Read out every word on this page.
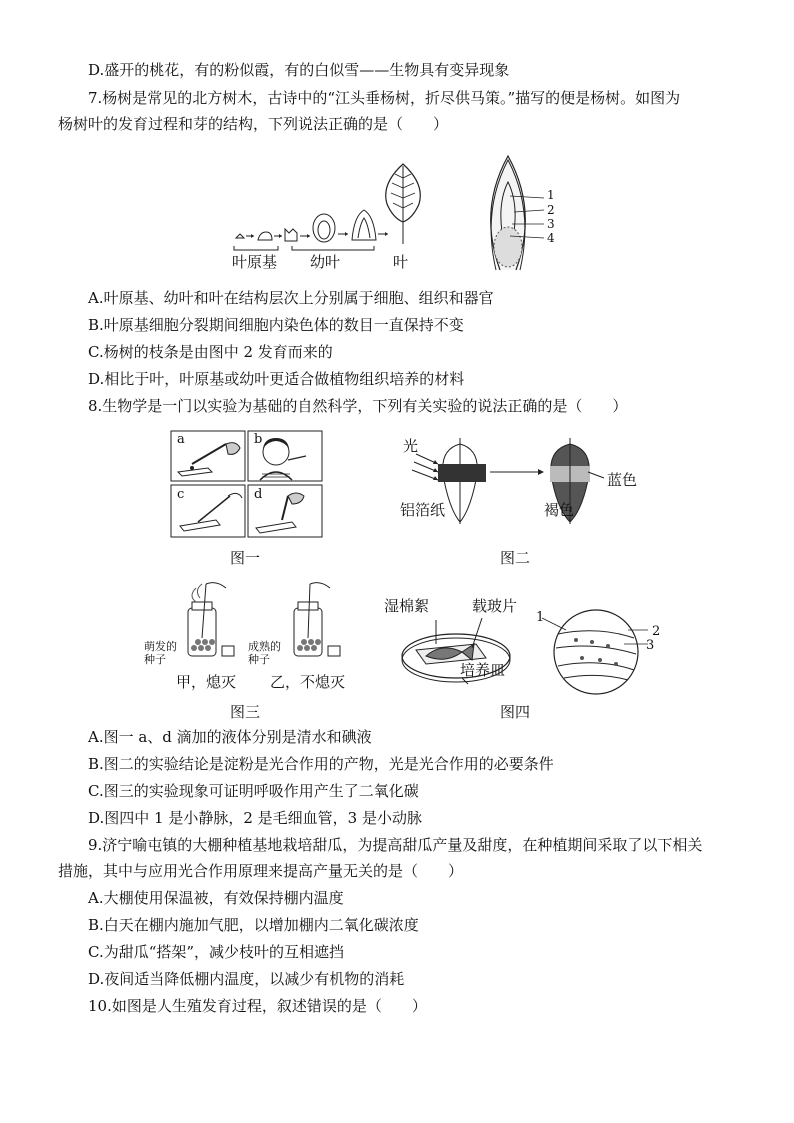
D.盛开的桃花，有的粉似霞，有的白似雪——生物具有变异现象
7.杨树是常见的北方树木，古诗中的“江头垂杨树，折尽供马策。”描写的便是杨树。如图为
杨树叶的发育过程和芽的结构，下列说法正确的是（　　）
叶原基 幼叶	叶
1
2
3
4
A.叶原基、幼叶和叶在结构层次上分别属于细胞、组织和器官
B.叶原基细胞分裂期间细胞内染色体的数目一直保持不变
C.杨树的枝条是由图中 2 发育而来的
D.相比于叶，叶原基或幼叶更适合做植物组织培养的材料
8.生物学是一门以实验为基础的自然科学，下列有关实验的说法正确的是（　　）
a	b
c	d
图一
光
铝箔纸
蓝色
褐色
图二
萌发的种子
成熟的种子
甲，熄灭 乙，不熄灭
图三
湿棉絮	载玻片
培养皿
1
2
3
图四
A.图一 a、d 滴加的液体分别是清水和碘液
B.图二的实验结论是淀粉是光合作用的产物，光是光合作用的必要条件
C.图三的实验现象可证明呼吸作用产生了二氧化碳
D.图四中 1 是小静脉，2 是毛细血管，3 是小动脉
9.济宁喻屯镇的大棚种植基地栽培甜瓜，为提高甜瓜产量及甜度，在种植期间采取了以下相关
措施，其中与应用光合作用原理来提高产量无关的是（　　）
A.大棚使用保温被，有效保持棚内温度
B.白天在棚内施加气肥，以增加棚内二氧化碳浓度
C.为甜瓜“搭架”，减少枝叶的互相遮挡
D.夜间适当降低棚内温度，以减少有机物的消耗
10.如图是人生殖发育过程，叙述错误的是（　　）
